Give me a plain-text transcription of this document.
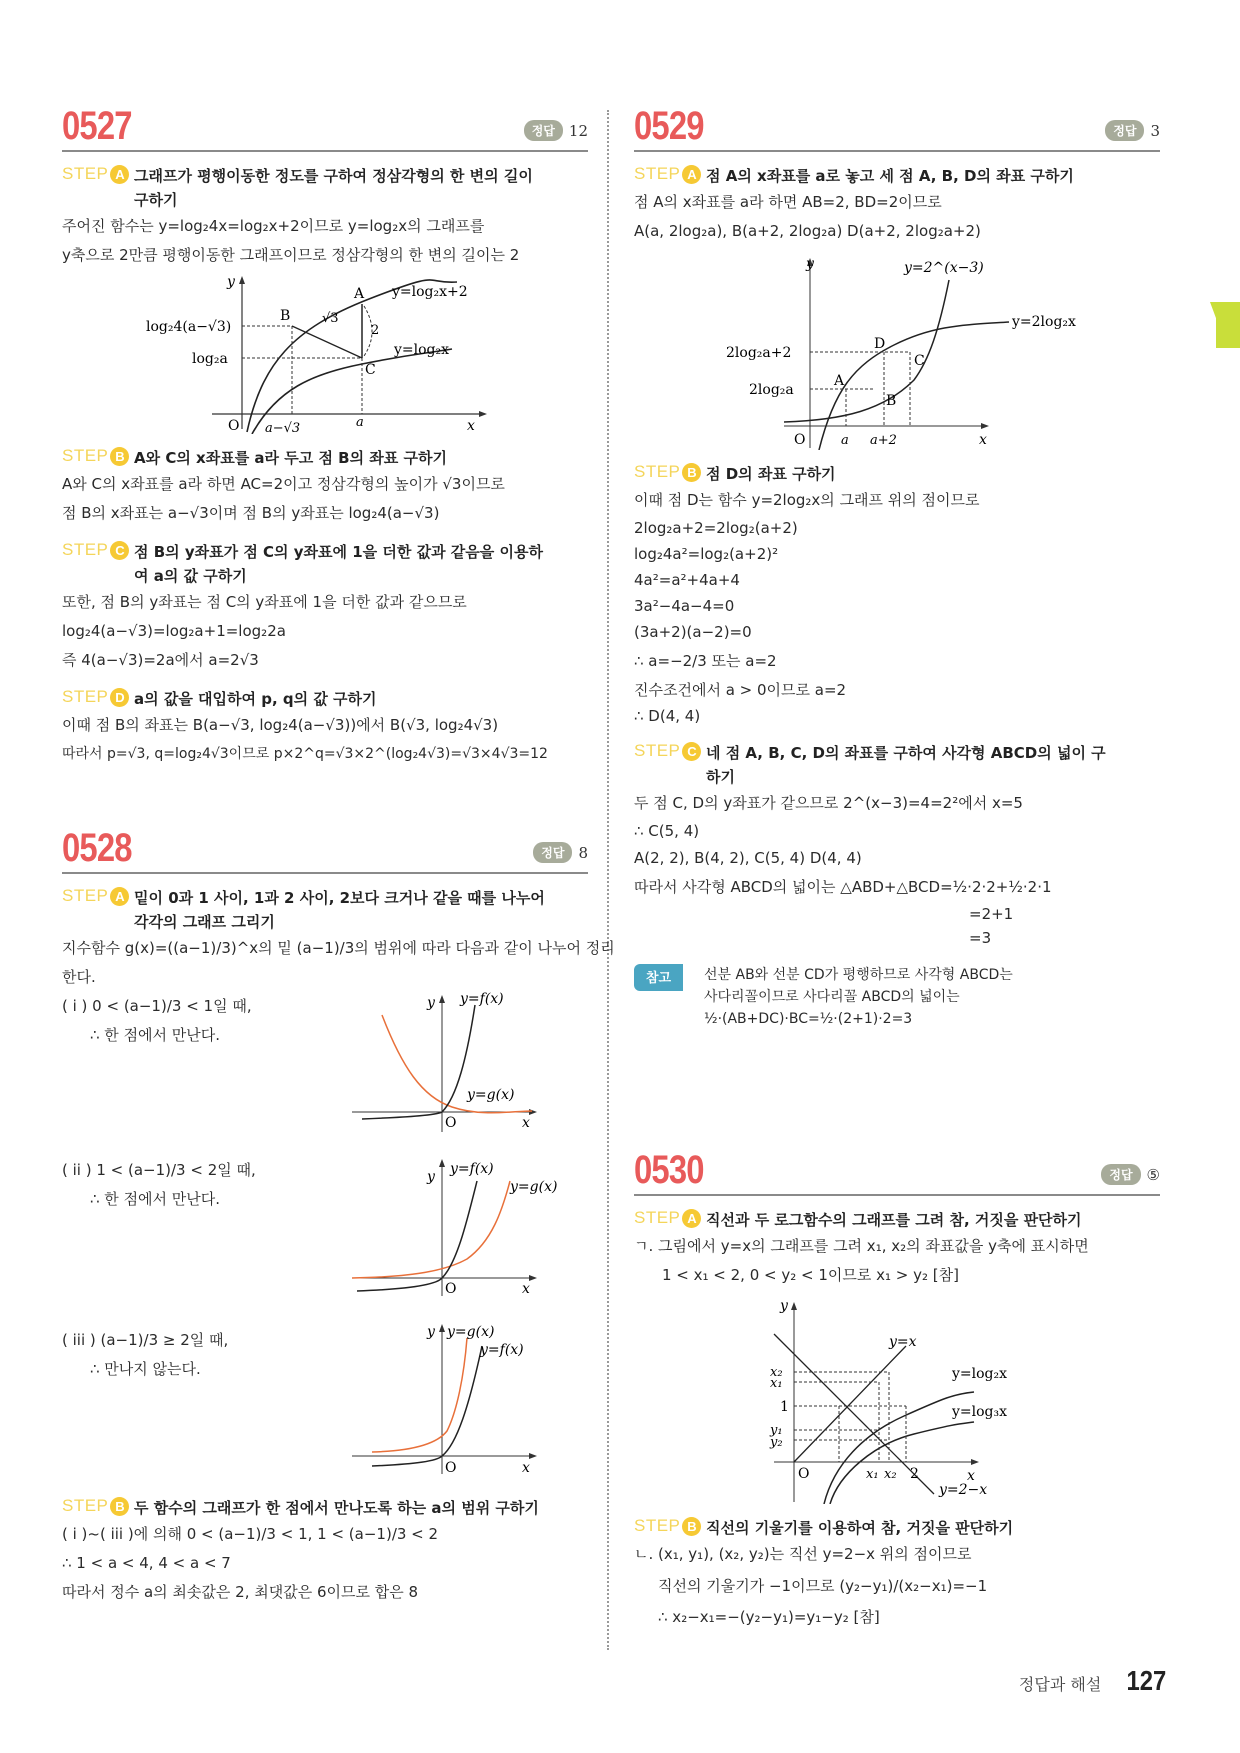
0527	정답 12
STEP A 그래프가 평행이동한 정도를 구하여 정삼각형의 한 변의 길이 구하기
주어진 함수는 y=log₂4x=log₂x+2이므로 y=log₂x의 그래프를
y축으로 2만큼 평행이동한 그래프이므로 정삼각형의 한 변의 길이는 2
y
x
O
A
B
C
√3
2
y=log₂x+2
y=log₂x
log₂4(a−√3)
log₂a
a−√3	a
STEP B A와 C의 x좌표를 a라 두고 점 B의 좌표 구하기
A와 C의 x좌표를 a라 하면 AC=2이고 정삼각형의 높이가 √3이므로
점 B의 x좌표는 a−√3이며 점 B의 y좌표는 log₂4(a−√3)
STEP C 점 B의 y좌표가 점 C의 y좌표에 1을 더한 값과 같음을 이용하여 a의 값 구하기
또한, 점 B의 y좌표는 점 C의 y좌표에 1을 더한 값과 같으므로
log₂4(a−√3)=log₂a+1=log₂2a
즉 4(a−√3)=2a에서 a=2√3
STEP D a의 값을 대입하여 p, q의 값 구하기
이때 점 B의 좌표는 B(a−√3, log₂4(a−√3))에서 B(√3, log₂4√3)
따라서 p=√3, q=log₂4√3이므로 p×2^q=√3×2^(log₂4√3)=√3×4√3=12
0528	정답 8
STEP A 밑이 0과 1 사이, 1과 2 사이, 2보다 크거나 같을 때를 나누어 각각의 그래프 그리기
지수함수 g(x)=((a−1)/3)^x의 밑 (a−1)/3의 범위에 따라 다음과 같이 나누어 정리
한다.
( i ) 0 < (a−1)/3 < 1일 때,
∴ 한 점에서 만난다.
y y=f(x)
y=g(x)
O	x
( ii ) 1 < (a−1)/3 < 2일 때,
∴ 한 점에서 만난다.
y y=f(x)
y=g(x)
O	x
( iii ) (a−1)/3 ≥ 2일 때,
∴ 만나지 않는다.
y y=g(x)
y=f(x)
O	x
STEP B 두 함수의 그래프가 한 점에서 만나도록 하는 a의 범위 구하기
( i )~( iii )에 의해 0 < (a−1)/3 < 1, 1 < (a−1)/3 < 2
∴ 1 < a < 4, 4 < a < 7
따라서 정수 a의 최솟값은 2, 최댓값은 6이므로 합은 8
0529	정답 3
STEP A 점 A의 x좌표를 a로 놓고 세 점 A, B, D의 좌표 구하기
점 A의 x좌표를 a라 하면 AB=2, BD=2이므로
A(a, 2log₂a), B(a+2, 2log₂a) D(a+2, 2log₂a+2)
y
x
O
A
B
C
D
y=2^(x−3)
y=2log₂x
2log₂a+2
2log₂a
a a+2
STEP B 점 D의 좌표 구하기
이때 점 D는 함수 y=2log₂x의 그래프 위의 점이므로
2log₂a+2=2log₂(a+2)
log₂4a²=log₂(a+2)²
4a²=a²+4a+4
3a²−4a−4=0
(3a+2)(a−2)=0
∴ a=−2/3 또는 a=2
진수조건에서 a > 0이므로 a=2
∴ D(4, 4)
STEP C 네 점 A, B, C, D의 좌표를 구하여 사각형 ABCD의 넓이 구하기
두 점 C, D의 y좌표가 같으므로 2^(x−3)=4=2²에서 x=5
∴ C(5, 4)
A(2, 2), B(4, 2), C(5, 4) D(4, 4)
따라서 사각형 ABCD의 넓이는 △ABD+△BCD=½·2·2+½·2·1
=2+1
=3
참고	선분 AB와 선분 CD가 평행하므로 사각형 ABCD는
사다리꼴이므로 사다리꼴 ABCD의 넓이는
½·(AB+DC)·BC=½·(2+1)·2=3
0530	정답 ⑤
STEP A 직선과 두 로그함수의 그래프를 그려 참, 거짓을 판단하기
ㄱ. 그림에서 y=x의 그래프를 그려 x₁, x₂의 좌표값을 y축에 표시하면
1 < x₁ < 2, 0 < y₂ < 1이므로 x₁ > y₂ [참]
y
x
O
1
2
x₂
x₁
y₁
y₂
x₁ x₂
y=x
y=log₂x
y=log₃x
y=2−x
STEP B 직선의 기울기를 이용하여 참, 거짓을 판단하기
ㄴ. (x₁, y₁), (x₂, y₂)는 직선 y=2−x 위의 점이므로
직선의 기울기가 −1이므로 (y₂−y₁)/(x₂−x₁)=−1
∴ x₂−x₁=−(y₂−y₁)=y₁−y₂ [참]
정답과 해설 127
